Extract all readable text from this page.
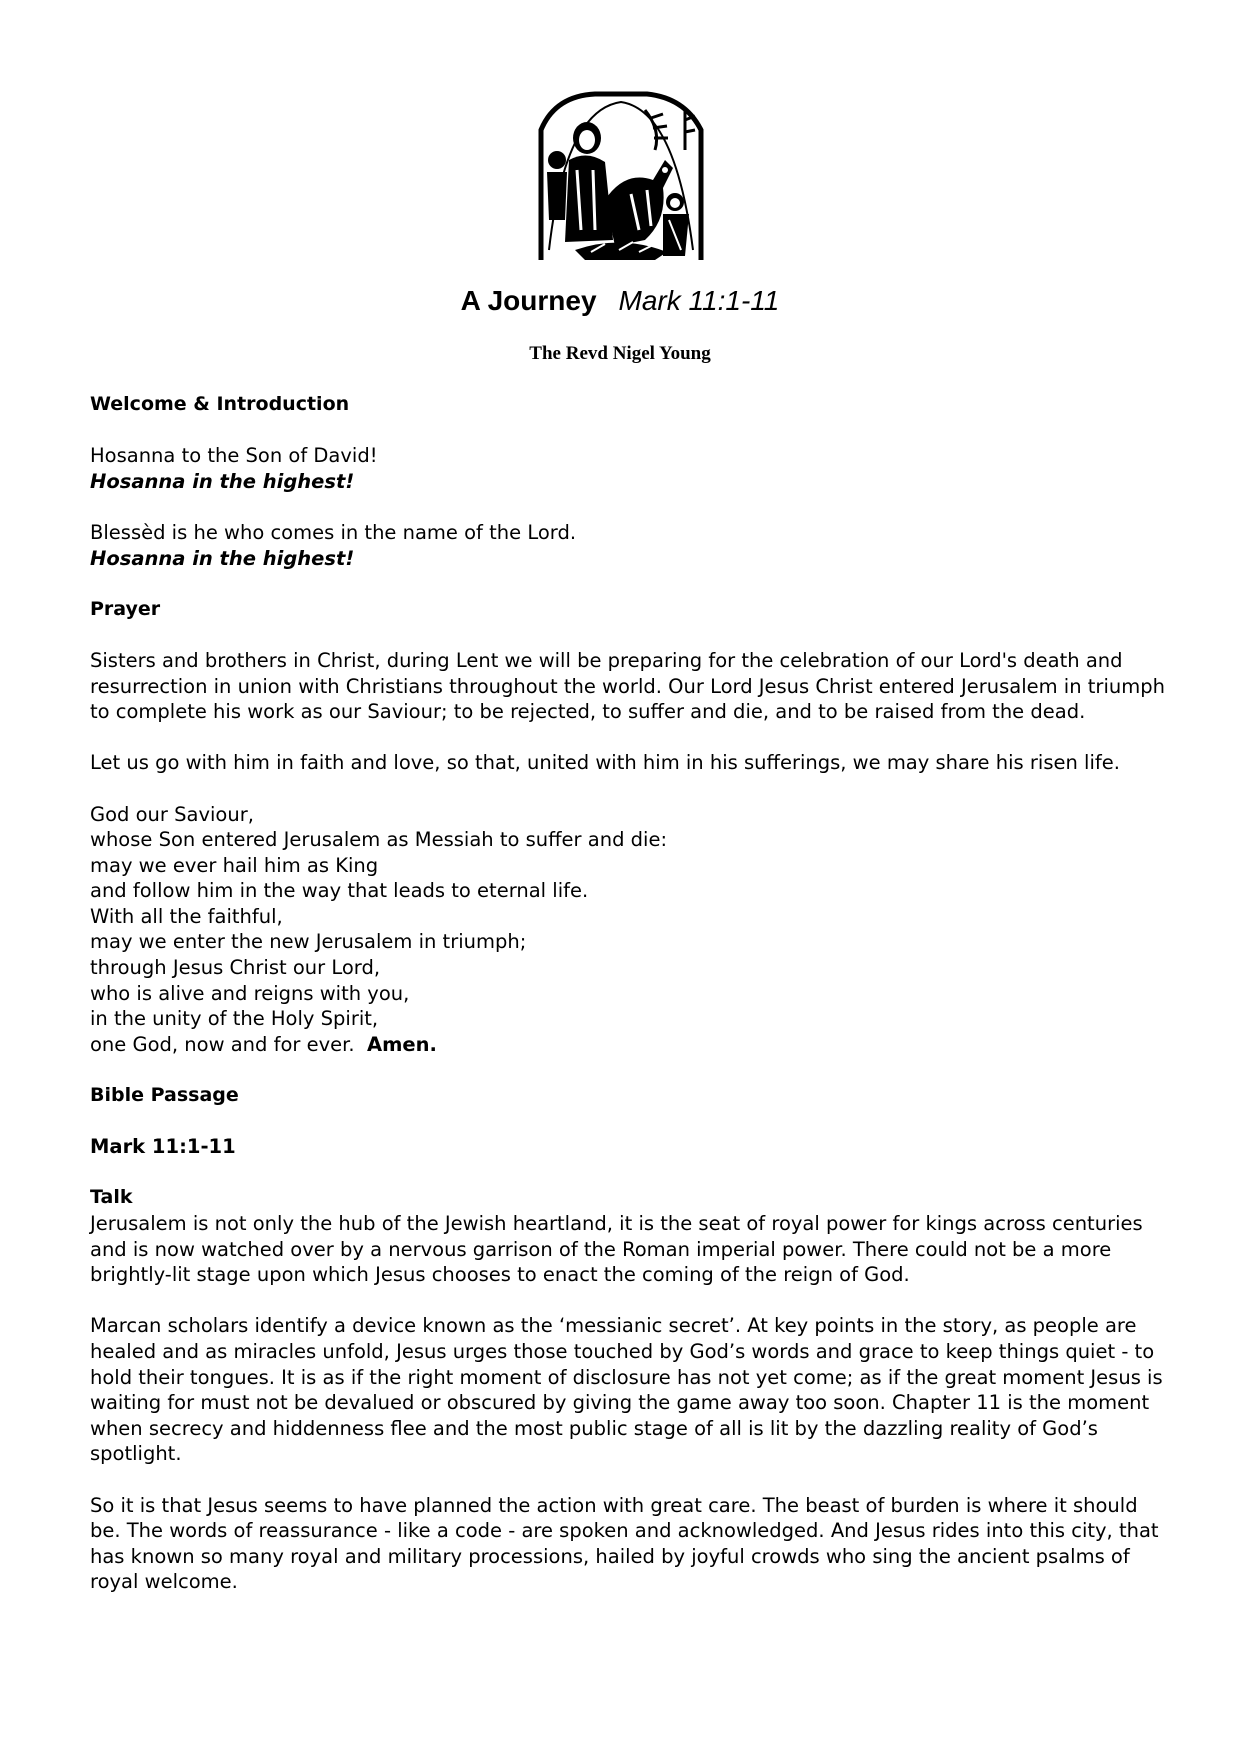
A Journey Mark 11:1-11
The Revd Nigel Young

Welcome & Introduction

Hosanna to the Son of David!
Hosanna in the highest!

Blessèd is he who comes in the name of the Lord.
Hosanna in the highest!

Prayer

Sisters and brothers in Christ, during Lent we will be preparing for the celebration of our Lord's death and resurrection in union with Christians throughout the world. Our Lord Jesus Christ entered Jerusalem in triumph to complete his work as our Saviour; to be rejected, to suffer and die, and to be raised from the dead.

Let us go with him in faith and love, so that, united with him in his sufferings, we may share his risen life.

God our Saviour,
whose Son entered Jerusalem as Messiah to suffer and die:
may we ever hail him as King
and follow him in the way that leads to eternal life.
With all the faithful,
may we enter the new Jerusalem in triumph;
through Jesus Christ our Lord,
who is alive and reigns with you,
in the unity of the Holy Spirit,
one God, now and for ever. Amen.

Bible Passage

Mark 11:1-11

Talk

Jerusalem is not only the hub of the Jewish heartland, it is the seat of royal power for kings across centuries and is now watched over by a nervous garrison of the Roman imperial power. There could not be a more brightly-lit stage upon which Jesus chooses to enact the coming of the reign of God.

Marcan scholars identify a device known as the ‘messianic secret’. At key points in the story, as people are healed and as miracles unfold, Jesus urges those touched by God’s words and grace to keep things quiet - to hold their tongues. It is as if the right moment of disclosure has not yet come; as if the great moment Jesus is waiting for must not be devalued or obscured by giving the game away too soon. Chapter 11 is the moment when secrecy and hiddenness flee and the most public stage of all is lit by the dazzling reality of God’s spotlight.

So it is that Jesus seems to have planned the action with great care. The beast of burden is where it should be. The words of reassurance - like a code - are spoken and acknowledged. And Jesus rides into this city, that has known so many royal and military processions, hailed by joyful crowds who sing the ancient psalms of royal welcome.
